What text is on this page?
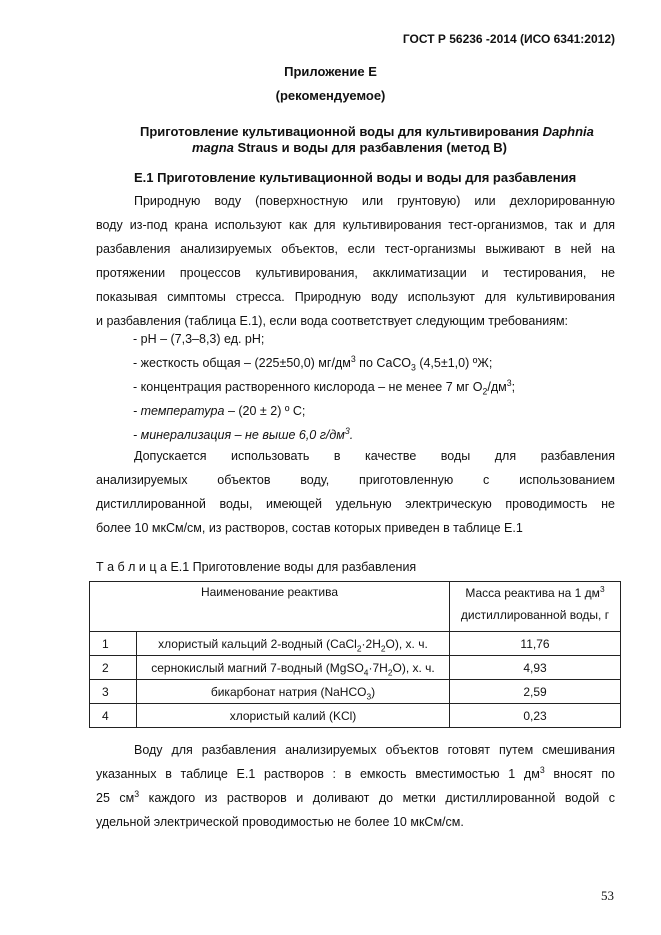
ГОСТ Р 56236 -2014 (ИСО 6341:2012)
Приложение Е
(рекомендуемое)
Приготовление культивационной воды для культивирования Daphnia
magna Straus и воды для разбавления (метод В)
Е.1 Приготовление культивационной воды и воды для разбавления
Природную воду (поверхностную или грунтовую) или дехлорированную
воду из-под крана используют как для культивирования тест-организмов, так и для
разбавления анализируемых объектов, если тест-организмы выживают в ней на
протяжении процессов культивирования, акклиматизации и тестирования, не
показывая симптомы стресса. Природную воду используют для культивирования
и разбавления (таблица Е.1), если вода соответствует следующим требованиям:
- рН – (7,3–8,3) ед. рН;
- жесткость общая – (225±50,0) $мг/дм^3$ по СаСО$_3$ (4,5±1,0) ºЖ;
- концентрация растворенного кислорода – не менее 7 мг $О_2/дм^3$;
- температура – (20 ± 2) º С;
- минерализация – не выше 6,0 $г/дм^3$.
Допускается использовать в качестве воды для разбавления
анализируемых объектов воду, приготовленную с использованием
дистиллированной воды, имеющей удельную электрическую проводимость не
более 10 мкСм/см, из растворов, состав которых приведен в таблице Е.1
Т а б л и ц а Е.1 Приготовление воды для разбавления
Наименование реактива		Масса реактива на 1 $дм^3$
дистиллированной воды, г
1	хлористый кальций 2-водный $(CaCl_2\cdot 2H_2O)$, х. ч.	11,76
2	сернокислый магний 7-водный $(MgSO_4\cdot 7H_2O)$, х. ч.	4,93
3	бикарбонат натрия (NaHCO$_3$)	2,59
4	хлористый калий (KCl)	0,23
Воду для разбавления анализируемых объектов готовят путем смешивания
указанных в таблице Е.1 растворов : в емкость вместимостью 1 $дм^3$ вносят по
25 $см^3$ каждого из растворов и доливают до метки дистиллированной водой с
удельной электрической проводимостью не более 10 мкСм/см.
53
